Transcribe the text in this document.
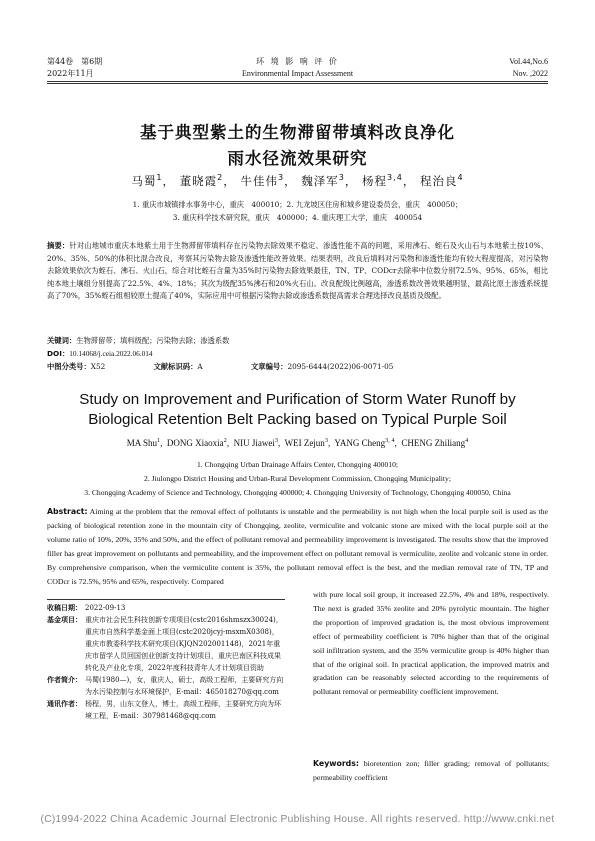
第44卷　第6期
2022年11月
环 境 影 响 评 价
Environmental Impact Assessment
Vol.44,No.6
Nov. ,2022
基于典型紫土的生物滞留带填料改良净化
雨水径流效果研究
马蜀$^1$， 董晓霞$^2$， 牛佳伟$^3$， 魏泽军$^3$， 杨程$^{3,4}$， 程治良$^4$
1. 重庆市城镇排水事务中心，重庆　400010；2. 九龙坡区住房和城乡建设委员会，重庆　400050；
3. 重庆科学技术研究院，重庆　400000；4. 重庆理工大学，重庆　400054
摘要：针对山地城市重庆本地紫土用于生物滞留带填料存在污染物去除效果不稳定、渗透性能不高的问题，采用沸石、蛭石及火山石与本地紫土按10%、20%、35%、50%的体积比混合改良，考察其污染物去除及渗透性能改善效果。结果表明，改良后填料对污染物和渗透性能均有较大程度提高，对污染物去除效果依次为蛭石、沸石、火山石，综合对比蛭石含量为35%时污染物去除效果最佳，TN、TP、CODcr去除率中位数分别72.5%、95%、65%，相比纯本地土壤组分别提高了22.5%、4%、18%；其次为级配35%沸石和20%火石山。改良配级比例越高，渗透系数改善效果越明显，最高比原土渗透系统提高了70%，35%蛭石组相较原土提高了40%，实际应用中可根据污染物去除或渗透系数提高需求合理选择改良基质及级配。
关键词：生物滞留带；填料级配；污染物去除；渗透系数
DOI：10.14068/j.ceia.2022.06.014
中图分类号：X52	文献标识码：A	文章编号：2095-6444(2022)06-0071-05
Study on Improvement and Purification of Storm Water Runoff by
Biological Retention Belt Packing based on Typical Purple Soil
MA Shu$^1$,  DONG Xiaoxia$^2$,  NIU Jiawei$^3$,  WEI Zejun$^3$,  YANG Cheng$^{3, 4}$,  CHENG Zhiliang$^4$
1. Chongqing Urban Drainage Affairs Center, Chongqing 400010;
2. Jiulongpo District Housing and Urban-Rural Development Commission, Chongqing Municipality;
3. Chongqing Academy of Science and Technology, Chongqing 400000; 4. Chongqing University of Technology, Chongqing 400050, China
Abstract: Aiming at the problem that the removal effect of pollutants is unstable and the permeability is not high when the local purple soil is used as the packing of biological retention zone in the mountain city of Chongqing, zeolite, vermiculite and volcanic stone are mixed with the local purple soil at the volume ratio of 10%, 20%, 35% and 50%, and the effect of pollutant removal and permeability improvement is investigated. The results show that the improved filler has great improvement on pollutants and permeability, and the improvement effect on pollutant removal is vermiculite, zeolite and volcanic stone in order. By comprehensive comparison, when the vermiculite content is 35%, the pollutant removal effect is the best, and the median removal rate of TN, TP and CODcr is 72.5%, 95% and 65%, respectively. Compared
收稿日期： 2022-09-13
基金项目： 重庆市社会民生科技创新专项项目(cstc2016shmszx30024)，重庆市自然科学基金面上项目(cstc2020jcyj-msxmX0308)，重庆市教委科学技术研究项目(KJQN202001148)，2021年重庆市留学人员回国创业创新支持计划项目，重庆巴南区科技成果转化及产业化专项，2022年度科技青年人才计划项目资助
作者简介： 马蜀(1980—)，女，重庆人，硕士，高级工程师，主要研究方向为水污染控制与水环境保护，E-mail：465018270@qq.com
通讯作者： 杨程，男，山东文登人，博士，高级工程师，主要研究方向为环境工程，E-mail：307981468@qq.com
with pure local soil group, it increased 22.5%, 4% and 18%, respectively. The next is graded 35% zeolite and 20% pyrolytic mountain. The higher the proportion of improved gradation is, the most obvious improvement effect of permeability coefficient is 70% higher than that of the original soil infiltration system, and the 35% vermiculite group is 40% higher than that of the original soil. In practical application, the improved matrix and gradation can be reasonably selected according to the requirements of pollutant removal or permeability coefficient improvement.
Keywords: bioretention zon; filler grading; removal of pollutants; permeability coefficient
(C)1994-2022 China Academic Journal Electronic Publishing House. All rights reserved. http://www.cnki.net
